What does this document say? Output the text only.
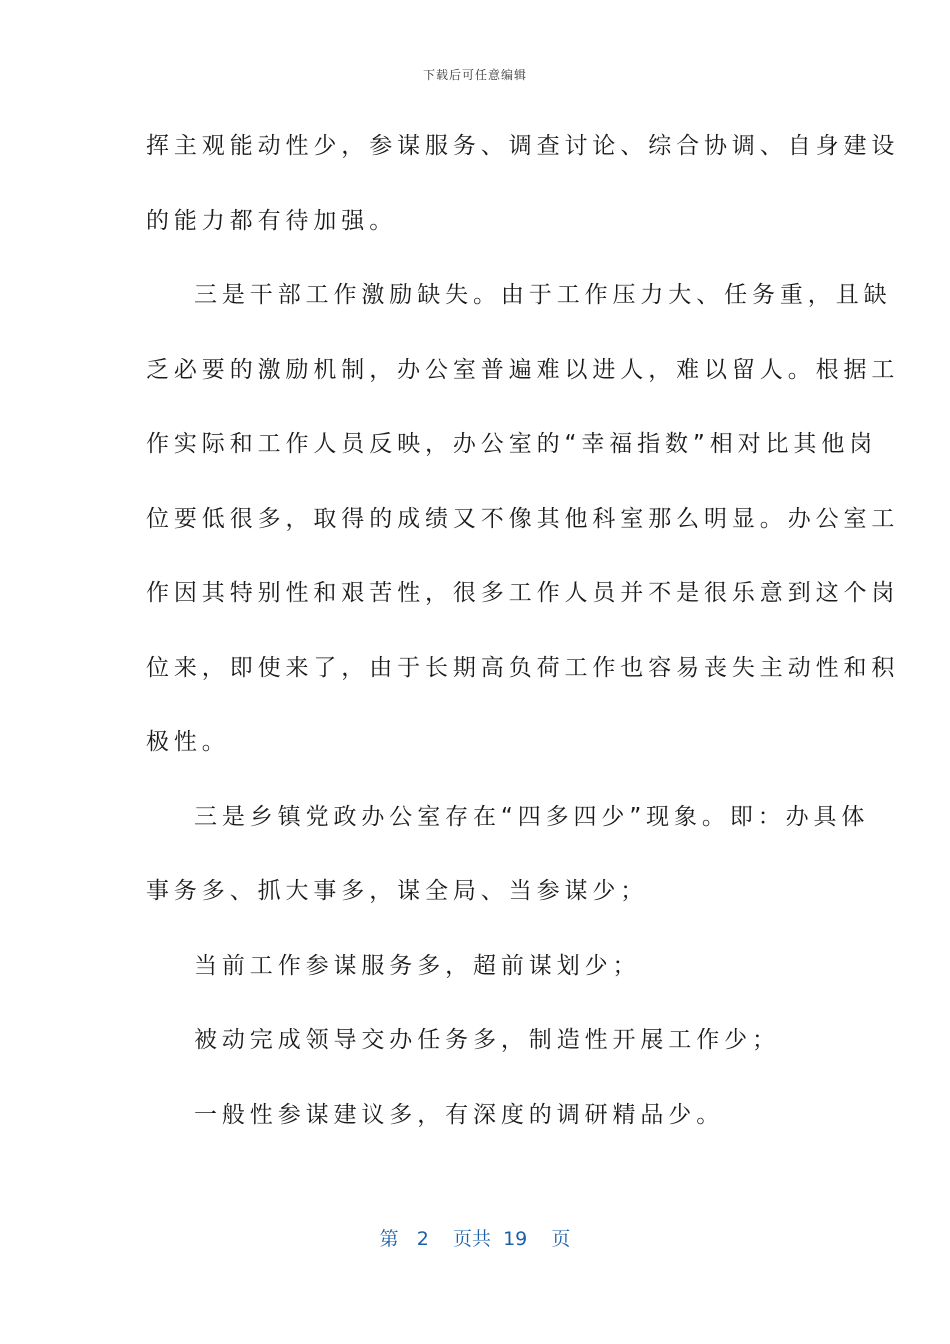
下载后可任意编辑
挥主观能动性少，参谋服务、调查讨论、综合协调、自身建设
的能力都有待加强。
三是干部工作激励缺失。由于工作压力大、任务重，且缺
乏必要的激励机制，办公室普遍难以进人，难以留人。根据工
作实际和工作人员反映，办公室的“幸福指数”相对比其他岗
位要低很多，取得的成绩又不像其他科室那么明显。办公室工
作因其特别性和艰苦性，很多工作人员并不是很乐意到这个岗
位来，即使来了，由于长期高负荷工作也容易丧失主动性和积
极性。
三是乡镇党政办公室存在“四多四少”现象。即：办具体
事务多、抓大事多，谋全局、当参谋少；
当前工作参谋服务多，超前谋划少；
被动完成领导交办任务多，制造性开展工作少；
一般性参谋建议多，有深度的调研精品少。
第 2 页共 19 页
